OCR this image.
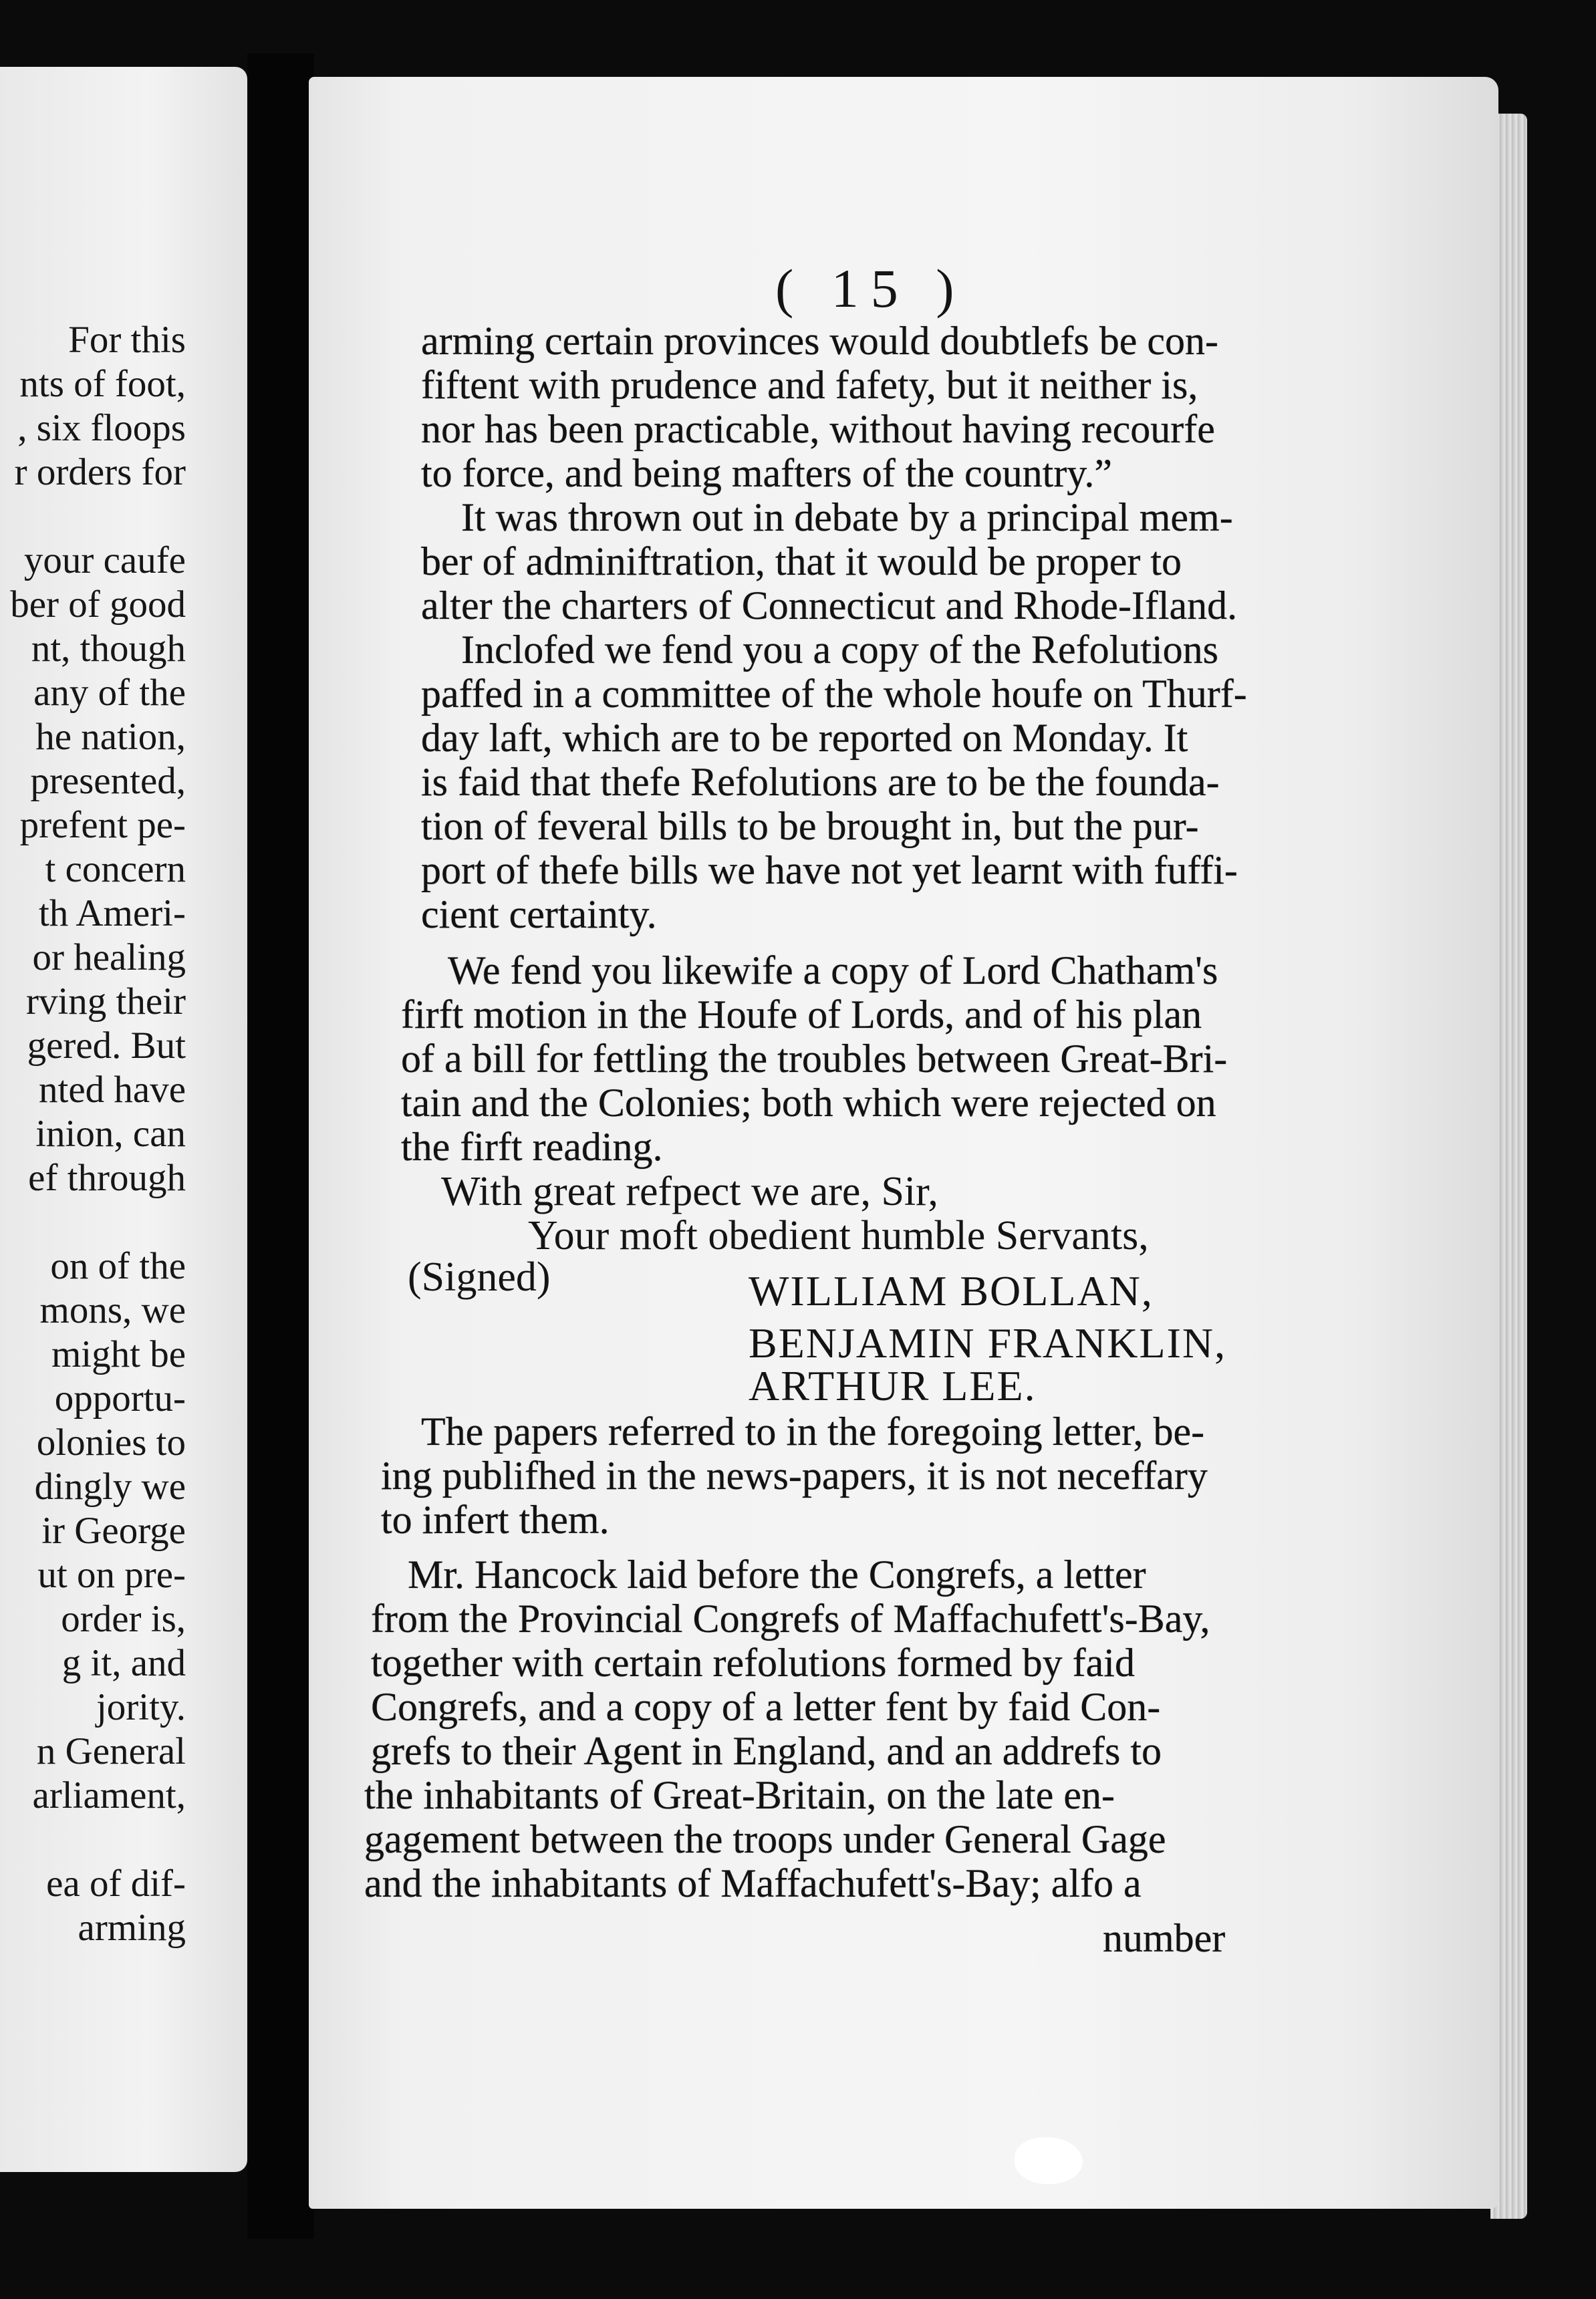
For this
nts of foot,
, six floops
r orders for
your caufe
ber of good
nt, though
any of the
he nation,
presented,
prefent pe-
t concern
th Ameri-
or healing
rving their
gered. But
nted have
inion, can
ef through
on of the
mons, we
might be
opportu-
olonies to
dingly we
ir George
ut on pre-
order is,
g it, and
jority.
n General
arliament,
ea of dif-
arming
( 15 )
arming certain provinces would doubtlefs be con-
fiftent with prudence and fafety, but it neither is,
nor has been practicable, without having recourfe
to force, and being mafters of the country.”
It was thrown out in debate by a principal mem-
ber of adminiftration, that it would be proper to
alter the charters of Connecticut and Rhode-Ifland.
Inclofed we fend you a copy of the Refolutions
paffed in a committee of the whole houfe on Thurf-
day laft, which are to be reported on Monday. It
is faid that thefe Refolutions are to be the founda-
tion of feveral bills to be brought in, but the pur-
port of thefe bills we have not yet learnt with fuffi-
cient certainty.
We fend you likewife a copy of Lord Chatham's
firft motion in the Houfe of Lords, and of his plan
of a bill for fettling the troubles between Great-Bri-
tain and the Colonies; both which were rejected on
the firft reading.
With great refpect we are, Sir,
Your moft obedient humble Servants,
(Signed)	WILLIAM BOLLAN,
BENJAMIN FRANKLIN,
ARTHUR LEE.
The papers referred to in the foregoing letter, be-
ing publifhed in the news-papers, it is not neceffary
to infert them.
Mr. Hancock laid before the Congrefs, a letter
from the Provincial Congrefs of Maffachufett's-Bay,
together with certain refolutions formed by faid
Congrefs, and a copy of a letter fent by faid Con-
grefs to their Agent in England, and an addrefs to
the inhabitants of Great-Britain, on the late en-
gagement between the troops under General Gage
and the inhabitants of Maffachufett's-Bay; alfo a
number
